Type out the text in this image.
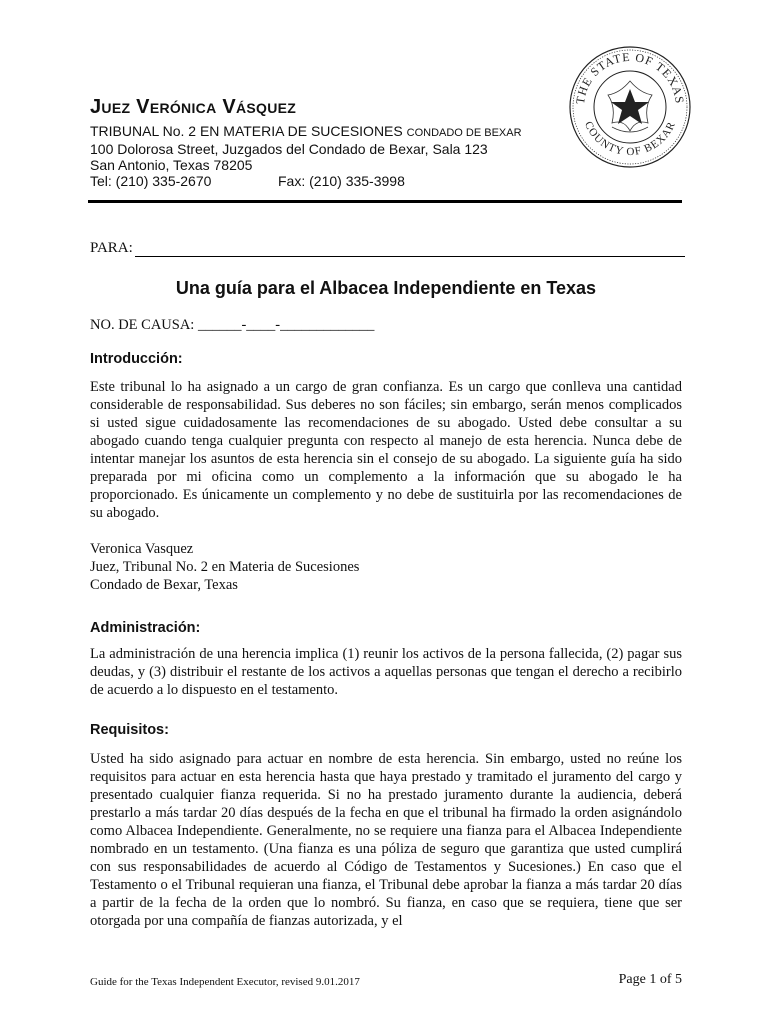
Juez Verónica Vásquez

TRIBUNAL No. 2 EN MATERIA DE SUCESIONES CONDADO DE BEXAR

100 Dolorosa Street, Juzgados del Condado de Bexar, Sala 123

San Antonio, Texas 78205

Tel: (210) 335-2670	Fax: (210) 335-3998

THE STATE OF TEXAS
COUNTY OF BEXAR
PARA:
Una guía para el Albacea Independiente en Texas

NO. DE CAUSA: ______-____-_____________

Introducción:

Este tribunal lo ha asignado a un cargo de gran confianza. Es un cargo que conlleva una cantidad considerable de responsabilidad. Sus deberes no son fáciles; sin embargo, serán menos complicados si usted sigue cuidadosamente las recomendaciones de su abogado. Usted debe consultar a su abogado cuando tenga cualquier pregunta con respecto al manejo de esta herencia. Nunca debe de intentar manejar los asuntos de esta herencia sin el consejo de su abogado. La siguiente guía ha sido preparada por mi oficina como un complemento a la información que su abogado le ha proporcionado. Es únicamente un complemento y no debe de sustituirla por las recomendaciones de su abogado.

Veronica Vasquez
Juez, Tribunal No. 2 en Materia de Sucesiones
Condado de Bexar, Texas
Administración:

La administración de una herencia implica (1) reunir los activos de la persona fallecida, (2) pagar sus deudas, y (3) distribuir el restante de los activos a aquellas personas que tengan el derecho a recibirlo de acuerdo a lo dispuesto en el testamento.

Requisitos:

Usted ha sido asignado para actuar en nombre de esta herencia. Sin embargo, usted no reúne los requisitos para actuar en esta herencia hasta que haya prestado y tramitado el juramento del cargo y presentado cualquier fianza requerida. Si no ha prestado juramento durante la audiencia, deberá prestarlo a más tardar 20 días después de la fecha en que el tribunal ha firmado la orden asignándolo como Albacea Independiente. Generalmente, no se requiere una fianza para el Albacea Independiente nombrado en un testamento. (Una fianza es una póliza de seguro que garantiza que usted cumplirá con sus responsabilidades de acuerdo al Código de Testamentos y Sucesiones.) En caso que el Testamento o el Tribunal requieran una fianza, el Tribunal debe aprobar la fianza a más tardar 20 días a partir de la fecha de la orden que lo nombró. Su fianza, en caso que se requiera, tiene que ser otorgada por una compañía de fianzas autorizada, y el

Guide for the Texas Independent Executor, revised 9.01.2017	Page 1 of 5
